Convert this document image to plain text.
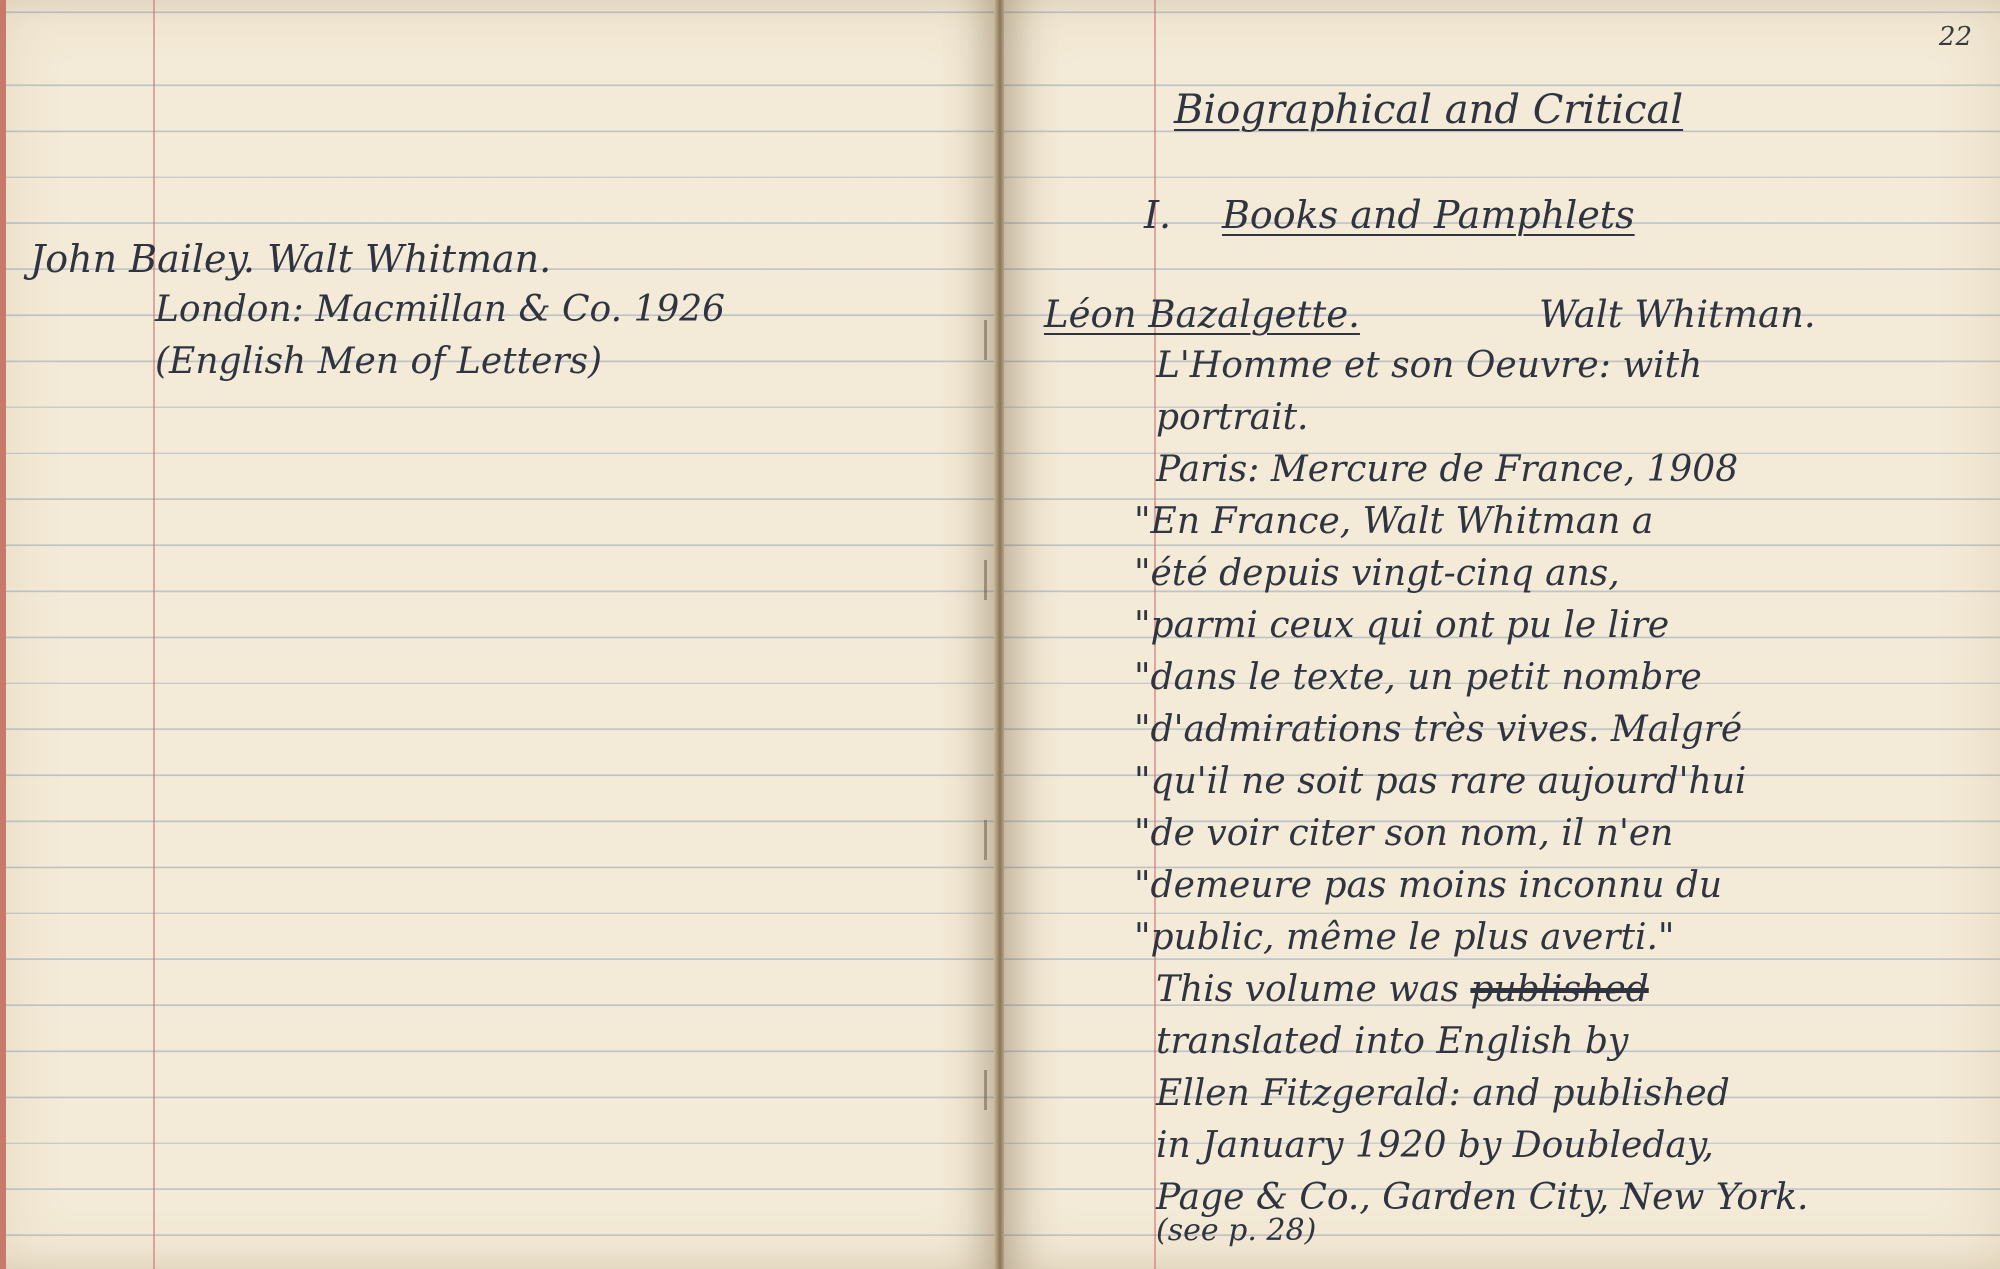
John Bailey. Walt Whitman.

London: Macmillan & Co. 1926

(English Men of Letters)

22

Biographical and Critical

I. Books and Pamphlets

Léon Bazalgette.	Walt Whitman.

L'Homme et son Oeuvre: with

portrait.

Paris: Mercure de France, 1908

"En France, Walt Whitman a

"été depuis vingt-cinq ans,

"parmi ceux qui ont pu le lire

"dans le texte, un petit nombre

"d'admirations très vives. Malgré

"qu'il ne soit pas rare aujourd'hui

"de voir citer son nom, il n'en

"demeure pas moins inconnu du

"public, même le plus averti."

This volume was published

translated into English by

Ellen Fitzgerald: and published

in January 1920 by Doubleday,

Page & Co., Garden City, New York.

(see p. 28)
